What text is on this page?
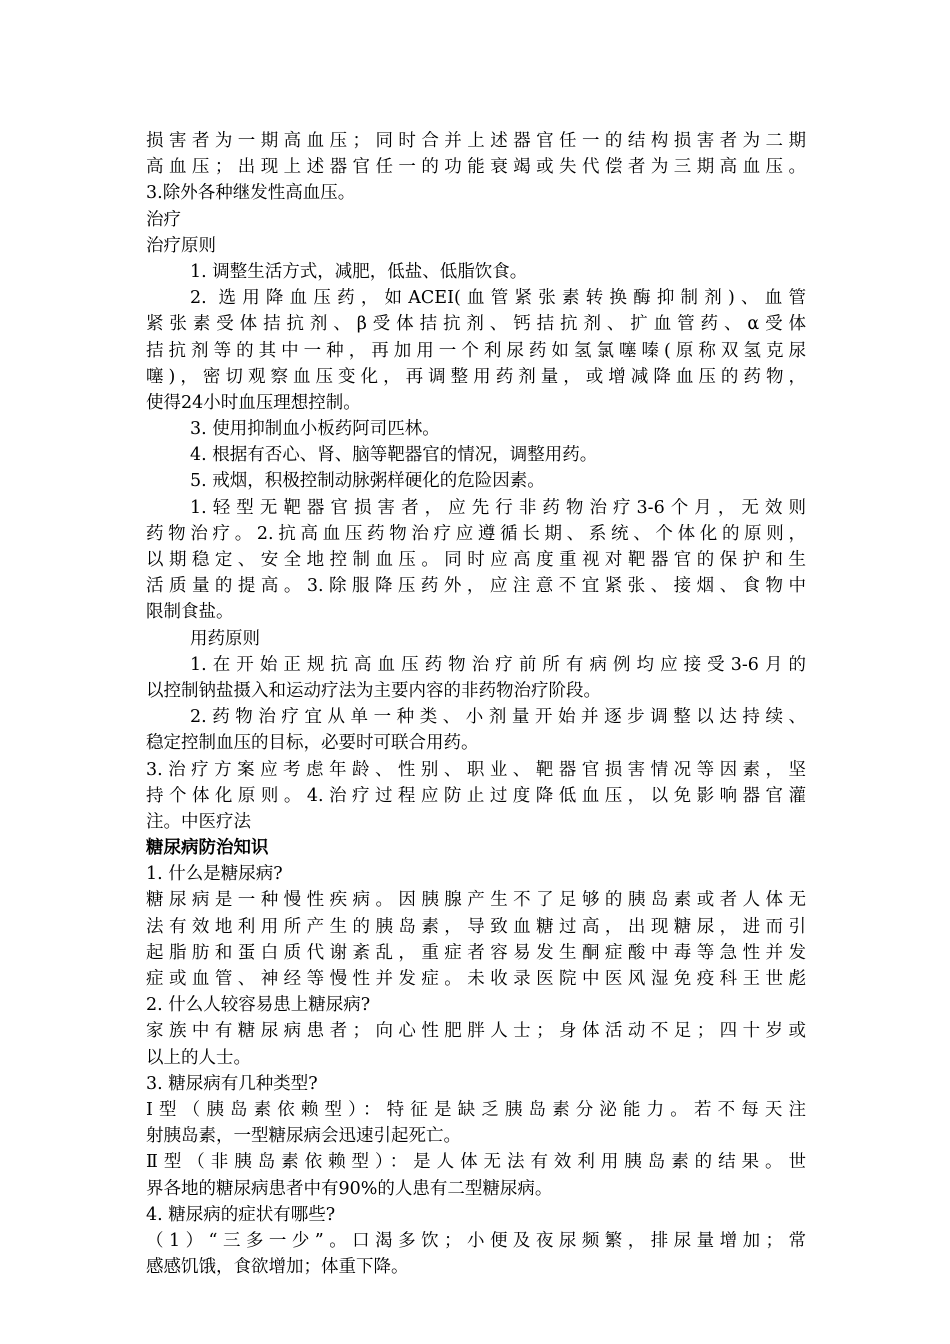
损害者为一期高血压；同时合并上述器官任一的结构损害者为二期
高血压；出现上述器官任一的功能衰竭或失代偿者为三期高血压。
3.除外各种继发性高血压。
治疗
治疗原则
1. 调整生活方式，减肥，低盐、低脂饮食。
2. 选用降血压药，如ACEI(血管紧张素转换酶抑制剂)、血管
紧张素受体拮抗剂、β受体拮抗剂、钙拮抗剂、扩血管药、α受体
拮抗剂等的其中一种，再加用一个利尿药如氢氯噻嗪(原称双氢克尿
噻)，密切观察血压变化，再调整用药剂量，或增减降血压的药物，
使得24小时血压理想控制。
3. 使用抑制血小板药阿司匹林。
4. 根据有否心、肾、脑等靶器官的情况，调整用药。
5. 戒烟，积极控制动脉粥样硬化的危险因素。
1.轻型无靶器官损害者，应先行非药物治疗3-6个月，无效则
药物治疗。2.抗高血压药物治疗应遵循长期、系统、个体化的原则，
以期稳定、安全地控制血压。同时应高度重视对靶器官的保护和生
活质量的提高。3.除服降压药外，应注意不宜紧张、接烟、食物中
限制食盐。
用药原则
1.在开始正规抗高血压药物治疗前所有病例均应接受3-6月的
以控制钠盐摄入和运动疗法为主要内容的非药物治疗阶段。
2.药物治疗宜从单一种类、小剂量开始并逐步调整以达持续、
稳定控制血压的目标，必要时可联合用药。
3.治疗方案应考虑年龄、性别、职业、靶器官损害情况等因素，坚
持个体化原则。4.治疗过程应防止过度降低血压，以免影响器官灌
注。中医疗法
糖尿病防治知识
1. 什么是糖尿病?
糖尿病是一种慢性疾病。因胰腺产生不了足够的胰岛素或者人体无
法有效地利用所产生的胰岛素，导致血糖过高，出现糖尿，进而引
起脂肪和蛋白质代谢紊乱，重症者容易发生酮症酸中毒等急性并发
症或血管、神经等慢性并发症。未收录医院中医风湿免疫科王世彪
2. 什么人较容易患上糖尿病?
家族中有糖尿病患者；向心性肥胖人士；身体活动不足；四十岁或
以上的人士。
3. 糖尿病有几种类型?
Ⅰ型（胰岛素依赖型）：特征是缺乏胰岛素分泌能力。若不每天注
射胰岛素，一型糖尿病会迅速引起死亡。
Ⅱ型（非胰岛素依赖型）：是人体无法有效利用胰岛素的结果。世
界各地的糖尿病患者中有90%的人患有二型糖尿病。
4. 糖尿病的症状有哪些?
（1）“三多一少”。口渴多饮；小便及夜尿频繁，排尿量增加；常
感感饥饿，食欲增加；体重下降。
